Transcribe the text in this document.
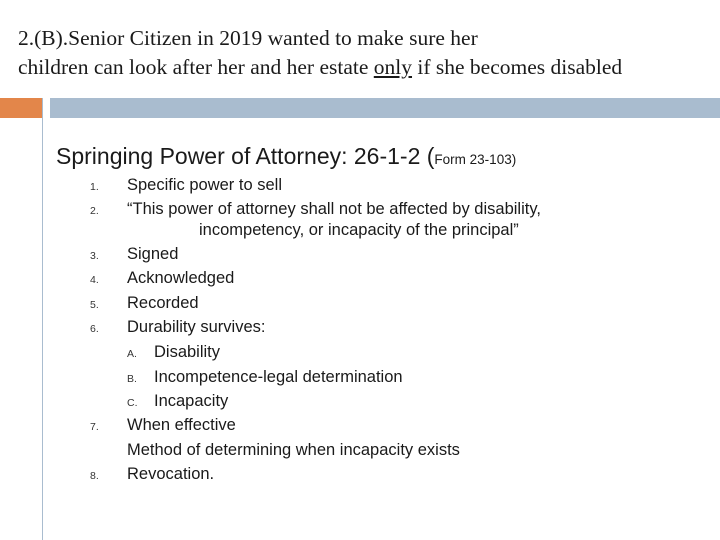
2.(B).Senior Citizen in 2019 wanted to make sure her
children can look after her and her estate only if she becomes disabled
Springing Power of Attorney: 26-1-2 (Form 23-103)
1. Specific power to sell
2. “This power of attorney shall not be affected by disability,
incompetency, or incapacity of the principal”
3. Signed
4. Acknowledged
5. Recorded
6. Durability survives:
A. Disability
B. Incompetence-legal determination
C. Incapacity
7. When effective
Method of determining when incapacity exists
8. Revocation.
